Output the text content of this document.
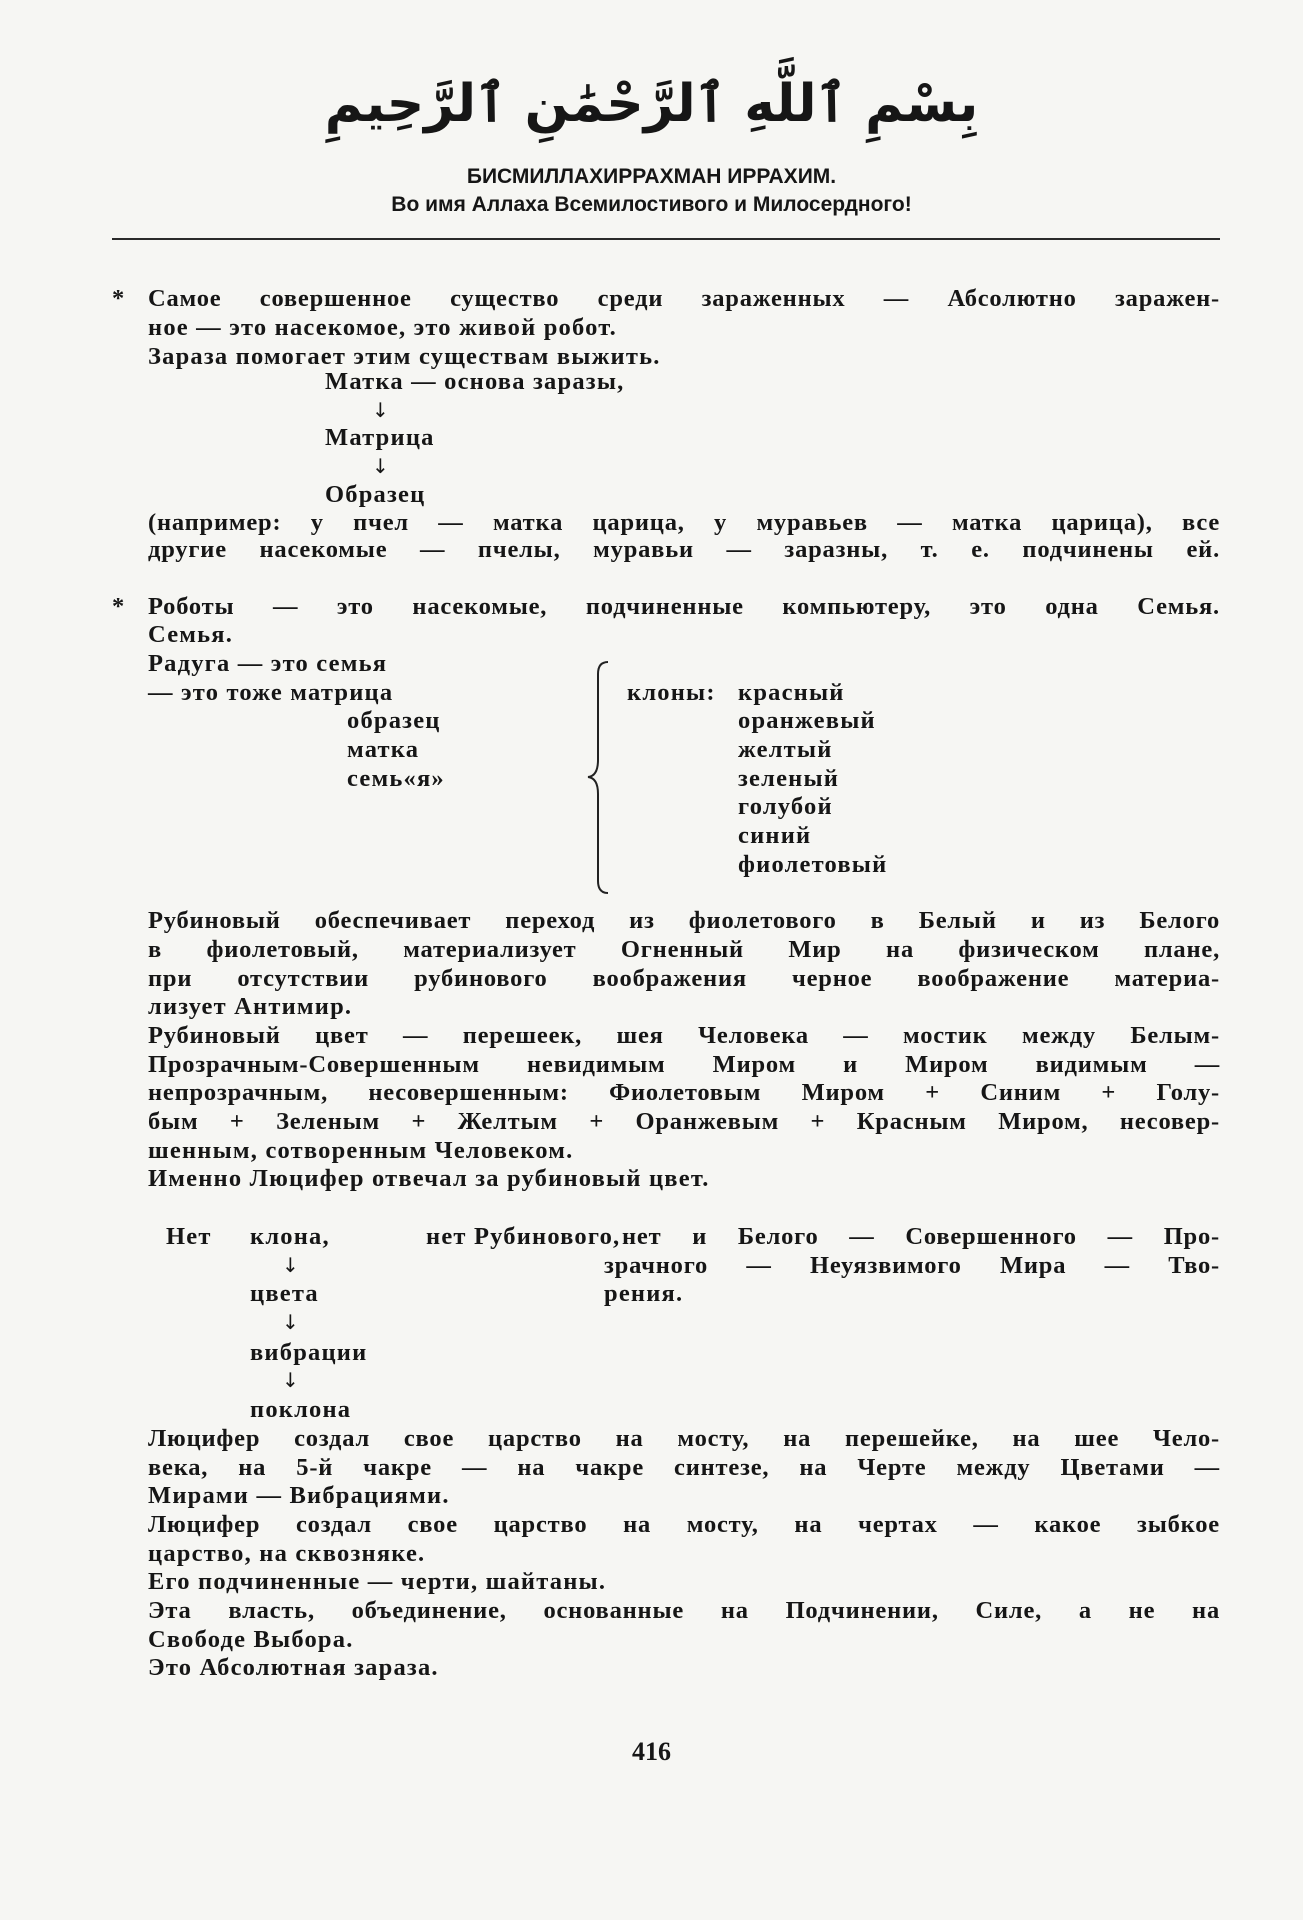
بِسْمِ ٱللَّهِ ٱلرَّحْمَٰنِ ٱلرَّحِيمِ
БИСМИЛЛАХИРРАХМАН ИРРАХИМ.
Во имя Аллаха Всемилостивого и Милосердного!
* Самое совершенное существо среди зараженных — Абсолютно заражен-
ное — это насекомое, это живой робот.
Зараза помогает этим существам выжить.
Матка — основа заразы,
↓
Матрица
↓
Образец
(например: у пчел — матка царица, у муравьев — матка царица), все
другие насекомые — пчелы, муравьи — заразны, т. е. подчинены ей.
* Роботы — это насекомые, подчиненные компьютеру, это одна Семья.
Семья.
Радуга — это семья
— это тоже матрица
образец
матка
семь«я»
клоны: красный
оранжевый
желтый
зеленый
голубой
синий
фиолетовый
Рубиновый обеспечивает переход из фиолетового в Белый и из Белого
в фиолетовый, материализует Огненный Мир на физическом плане,
при отсутствии рубинового воображения черное воображение материа-
лизует Антимир.
Рубиновый цвет — перешеек, шея Человека — мостик между Белым-
Прозрачным-Совершенным невидимым Миром и Миром видимым —
непрозрачным, несовершенным: Фиолетовым Миром + Синим + Голу-
бым + Зеленым + Желтым + Оранжевым + Красным Миром, несовер-
шенным, сотворенным Человеком.
Именно Люцифер отвечал за рубиновый цвет.
Нет клона,	нет Рубинового, нет и Белого — Совершенного — Про-
зрачного — Неуязвимого Мира — Тво-
рения.
↓
цвета
↓
вибрации
↓
поклона
Люцифер создал свое царство на мосту, на перешейке, на шее Чело-
века, на 5-й чакре — на чакре синтезе, на Черте между Цветами —
Мирами — Вибрациями.
Люцифер создал свое царство на мосту, на чертах — какое зыбкое
царство, на сквозняке.
Его подчиненные — черти, шайтаны.
Эта власть, объединение, основанные на Подчинении, Силе, а не на
Свободе Выбора.
Это Абсолютная зараза.
416
